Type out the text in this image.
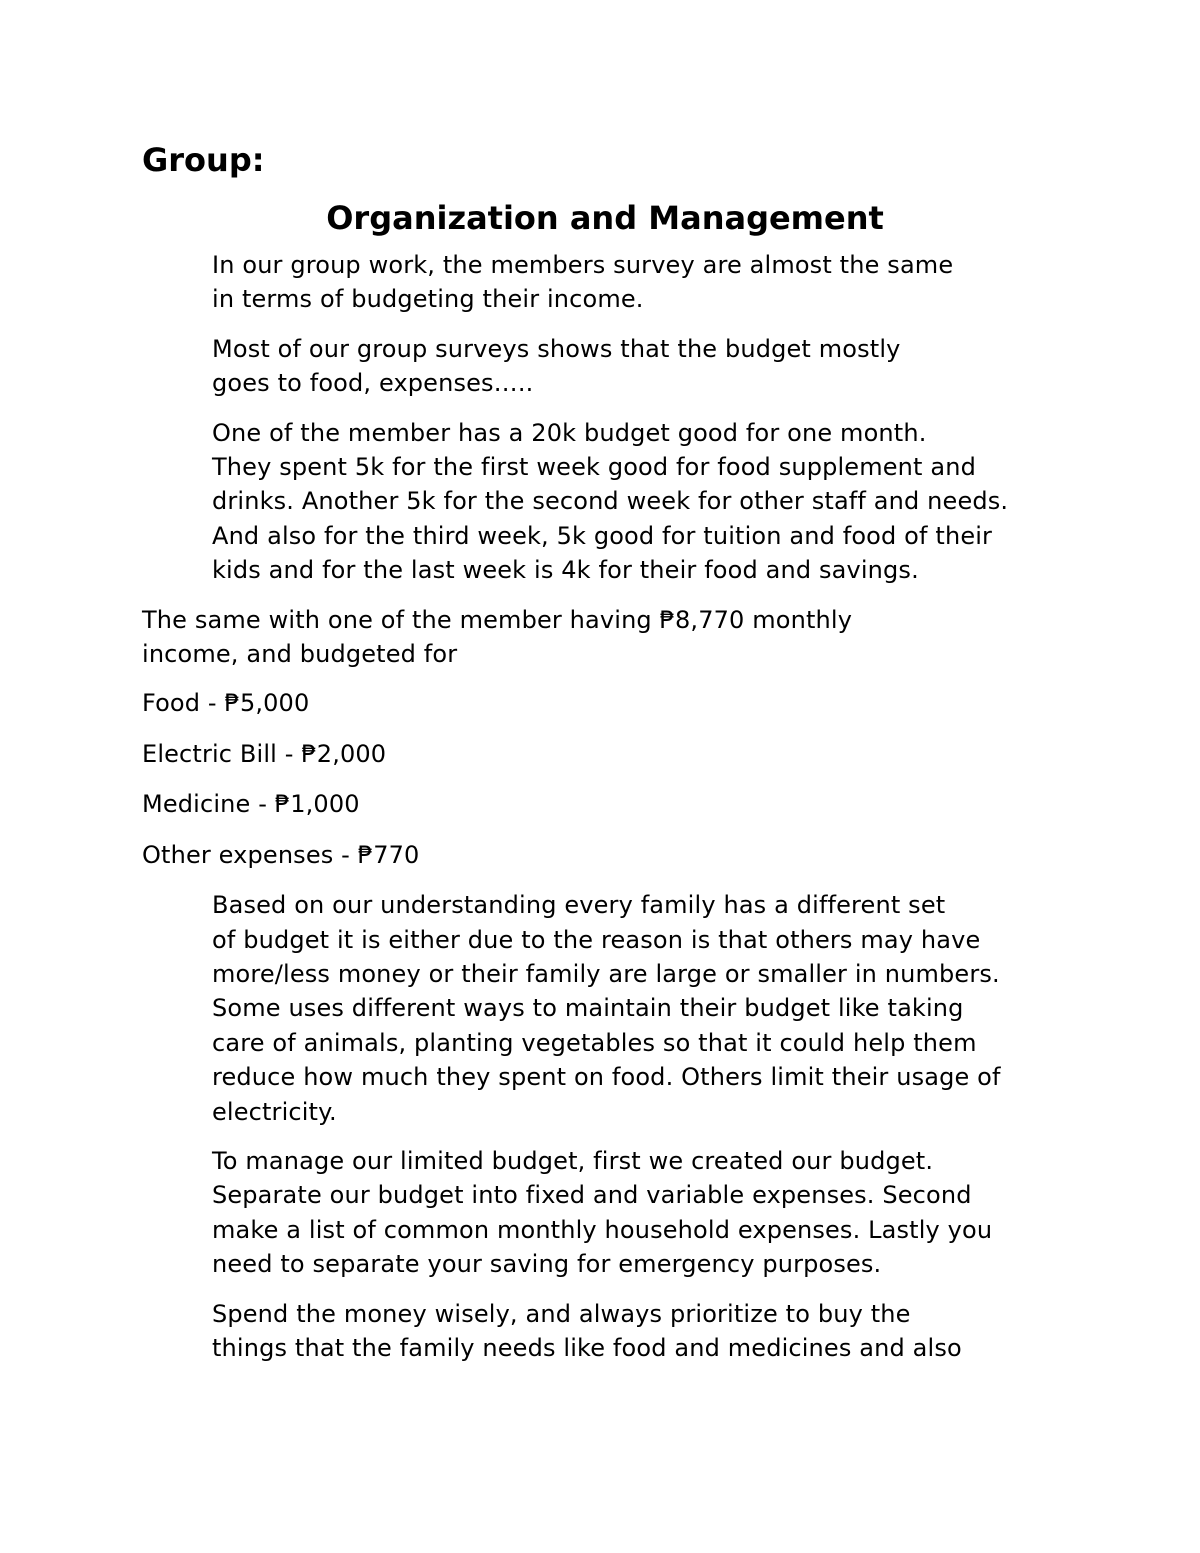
Group:
Organization and Management

In our group work, the members survey are almost the same
in terms of budgeting their income.

Most of our group surveys shows that the budget mostly
goes to food, expenses…..

One of the member has a 20k budget good for one month.
They spent 5k for the first week good for food supplement and
drinks. Another 5k for the second week for other staff and needs.
And also for the third week, 5k good for tuition and food of their
kids and for the last week is 4k for their food and savings.

The same with one of the member having ₱8,770 monthly
income, and budgeted for

Food - ₱5,000

Electric Bill - ₱2,000

Medicine - ₱1,000

Other expenses - ₱770

Based on our understanding every family has a different set
of budget it is either due to the reason is that others may have
more/less money or their family are large or smaller in numbers.
Some uses different ways to maintain their budget like taking
care of animals, planting vegetables so that it could help them
reduce how much they spent on food. Others limit their usage of
electricity.

To manage our limited budget, first we created our budget.
Separate our budget into fixed and variable expenses. Second
make a list of common monthly household expenses. Lastly you
need to separate your saving for emergency purposes.

Spend the money wisely, and always prioritize to buy the
things that the family needs like food and medicines and also
